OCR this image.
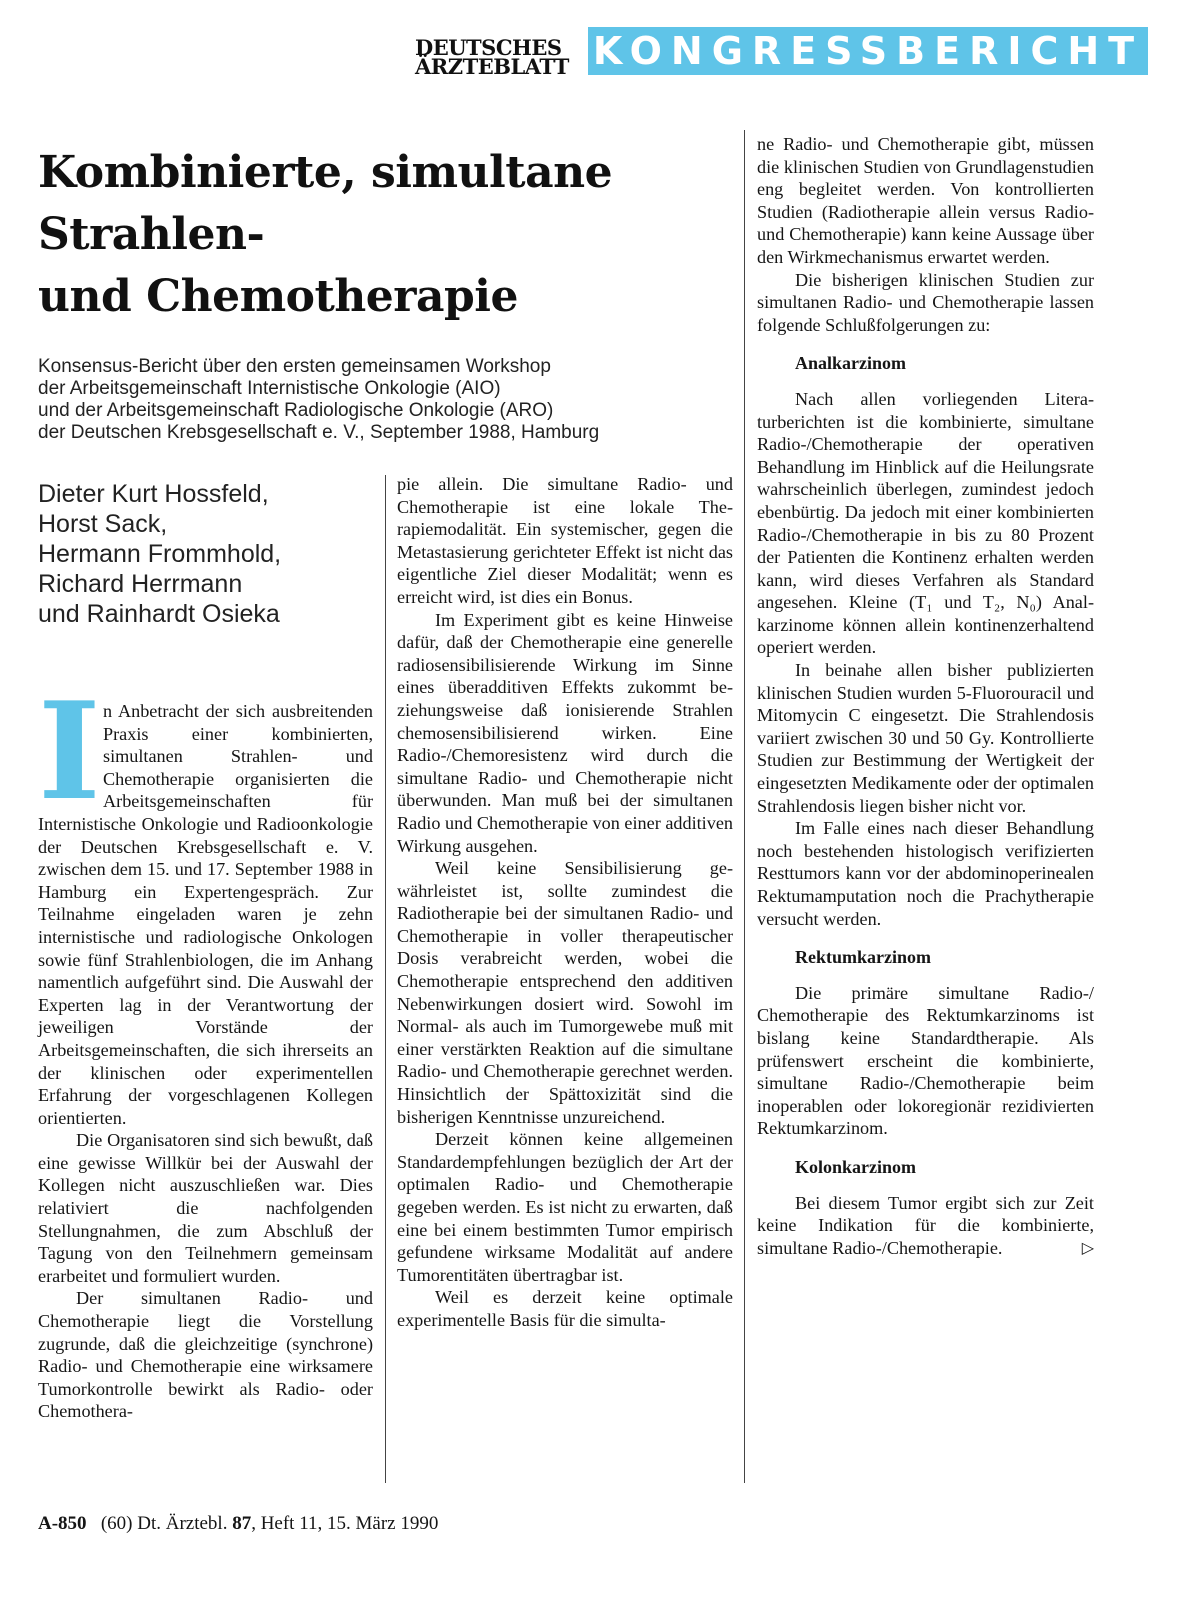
DEUTSCHES
ÄRZTEBLATT KONGRESSBERICHT
Kombinierte, simultane
Strahlen-
und Chemotherapie
Konsensus-Bericht über den ersten gemeinsamen Workshop
der Arbeitsgemeinschaft Internistische Onkologie (AIO)
und der Arbeitsgemeinschaft Radiologische Onkologie (ARO)
der Deutschen Krebsgesellschaft e. V., September 1988, Hamburg
Dieter Kurt Hossfeld,
Horst Sack,
Hermann Frommhold,
Richard Herrmann
und Rainhardt Osieka

I n Anbetracht der sich ausbreitenden Praxis einer kombinierten, simultanen Strahlen- und Chemotherapie organisierten die Arbeitsgemeinschaften für Internistische Onkologie und Radioonkologie der Deutschen Krebsgesellschaft e. V. zwischen dem 15. und 17. September 1988 in Hamburg ein Expertengespräch. Zur Teilnahme eingeladen waren je zehn internistische und radiologische Onkologen sowie fünf Strahlenbiologen, die im Anhang namentlich aufgeführt sind. Die Auswahl der Experten lag in der Verantwortung der jeweiligen Vorstände der Arbeitsgemeinschaften, die sich ihrerseits an der klinischen oder experimentellen Erfahrung der vorgeschlagenen Kollegen orientierten.

Die Organisatoren sind sich bewußt, daß eine gewisse Willkür bei der Auswahl der Kollegen nicht auszuschließen war. Dies relativiert die nachfolgenden Stellungnahmen, die zum Abschluß der Tagung von den Teilnehmern gemeinsam erarbeitet und formuliert wurden.

Der simultanen Radio- und Chemotherapie liegt die Vorstellung zugrunde, daß die gleichzeitige (synchrone) Radio- und Chemotherapie eine wirksamere Tumorkontrolle bewirkt als Radio- oder Chemothera-

pie allein. Die simultane Radio- und Chemotherapie ist eine lokale Therapiemodalität. Ein systemischer, gegen die Metastasierung gerichteter Effekt ist nicht das eigentliche Ziel dieser Modalität; wenn es erreicht wird, ist dies ein Bonus.

Im Experiment gibt es keine Hinweise dafür, daß der Chemotherapie eine generelle radiosensibilisierende Wirkung im Sinne eines überadditiven Effekts zukommt beziehungsweise daß ionisierende Strahlen chemosensibilisierend wirken. Eine Radio-/Chemoresistenz wird durch die simultane Radio- und Chemotherapie nicht überwunden. Man muß bei der simultanen Radio und Chemotherapie von einer additiven Wirkung ausgehen.

Weil keine Sensibilisierung gewährleistet ist, sollte zumindest die Radiotherapie bei der simultanen Radio- und Chemotherapie in voller therapeutischer Dosis verabreicht werden, wobei die Chemotherapie entsprechend den additiven Nebenwirkungen dosiert wird. Sowohl im Normal- als auch im Tumorgewebe muß mit einer verstärkten Reaktion auf die simultane Radio- und Chemotherapie gerechnet werden. Hinsichtlich der Spättoxizität sind die bisherigen Kenntnisse unzureichend.

Derzeit können keine allgemeinen Standardempfehlungen bezüglich der Art der optimalen Radio- und Chemotherapie gegeben werden. Es ist nicht zu erwarten, daß eine bei einem bestimmten Tumor empirisch gefundene wirksame Modalität auf andere Tumorentitäten übertragbar ist.

Weil es derzeit keine optimale experimentelle Basis für die simulta-

ne Radio- und Chemotherapie gibt, müssen die klinischen Studien von Grundlagenstudien eng begleitet werden. Von kontrollierten Studien (Radiotherapie allein versus Radio- und Chemotherapie) kann keine Aussage über den Wirkmechanismus erwartet werden.

Die bisherigen klinischen Studien zur simultanen Radio- und Chemotherapie lassen folgende Schlußfolgerungen zu:

Analkarzinom

Nach allen vorliegenden Literaturberichten ist die kombinierte, simultane Radio-/Chemotherapie der operativen Behandlung im Hinblick auf die Heilungsrate wahrscheinlich überlegen, zumindest jedoch ebenbürtig. Da jedoch mit einer kombinierten Radio-/Chemotherapie in bis zu 80 Prozent der Patienten die Kontinenz erhalten werden kann, wird dieses Verfahren als Standard angesehen. Kleine (T₁ und T₂, N₀) Analkarzinome können allein kontinenzerhaltend operiert werden.

In beinahe allen bisher publizierten klinischen Studien wurden 5-Fluorouracil und Mitomycin C eingesetzt. Die Strahlendosis variiert zwischen 30 und 50 Gy. Kontrollierte Studien zur Bestimmung der Wertigkeit der eingesetzten Medikamente oder der optimalen Strahlendosis liegen bisher nicht vor.

Im Falle eines nach dieser Behandlung noch bestehenden histologisch verifizierten Resttumors kann vor der abdominoperinealen Rektumamputation noch die Prachytherapie versucht werden.

Rektumkarzinom

Die primäre simultane Radio-/ Chemotherapie des Rektumkarzinoms ist bislang keine Standardtherapie. Als prüfenswert erscheint die kombinierte, simultane Radio-/Chemotherapie beim inoperablen oder lokoregionär rezidivierten Rektumkarzinom.

Kolonkarzinom

Bei diesem Tumor ergibt sich zur Zeit keine Indikation für die kombinierte, simultane Radio-/Chemotherapie.	▷
A-850 (60) Dt. Ärztebl. 87, Heft 11, 15. März 1990
